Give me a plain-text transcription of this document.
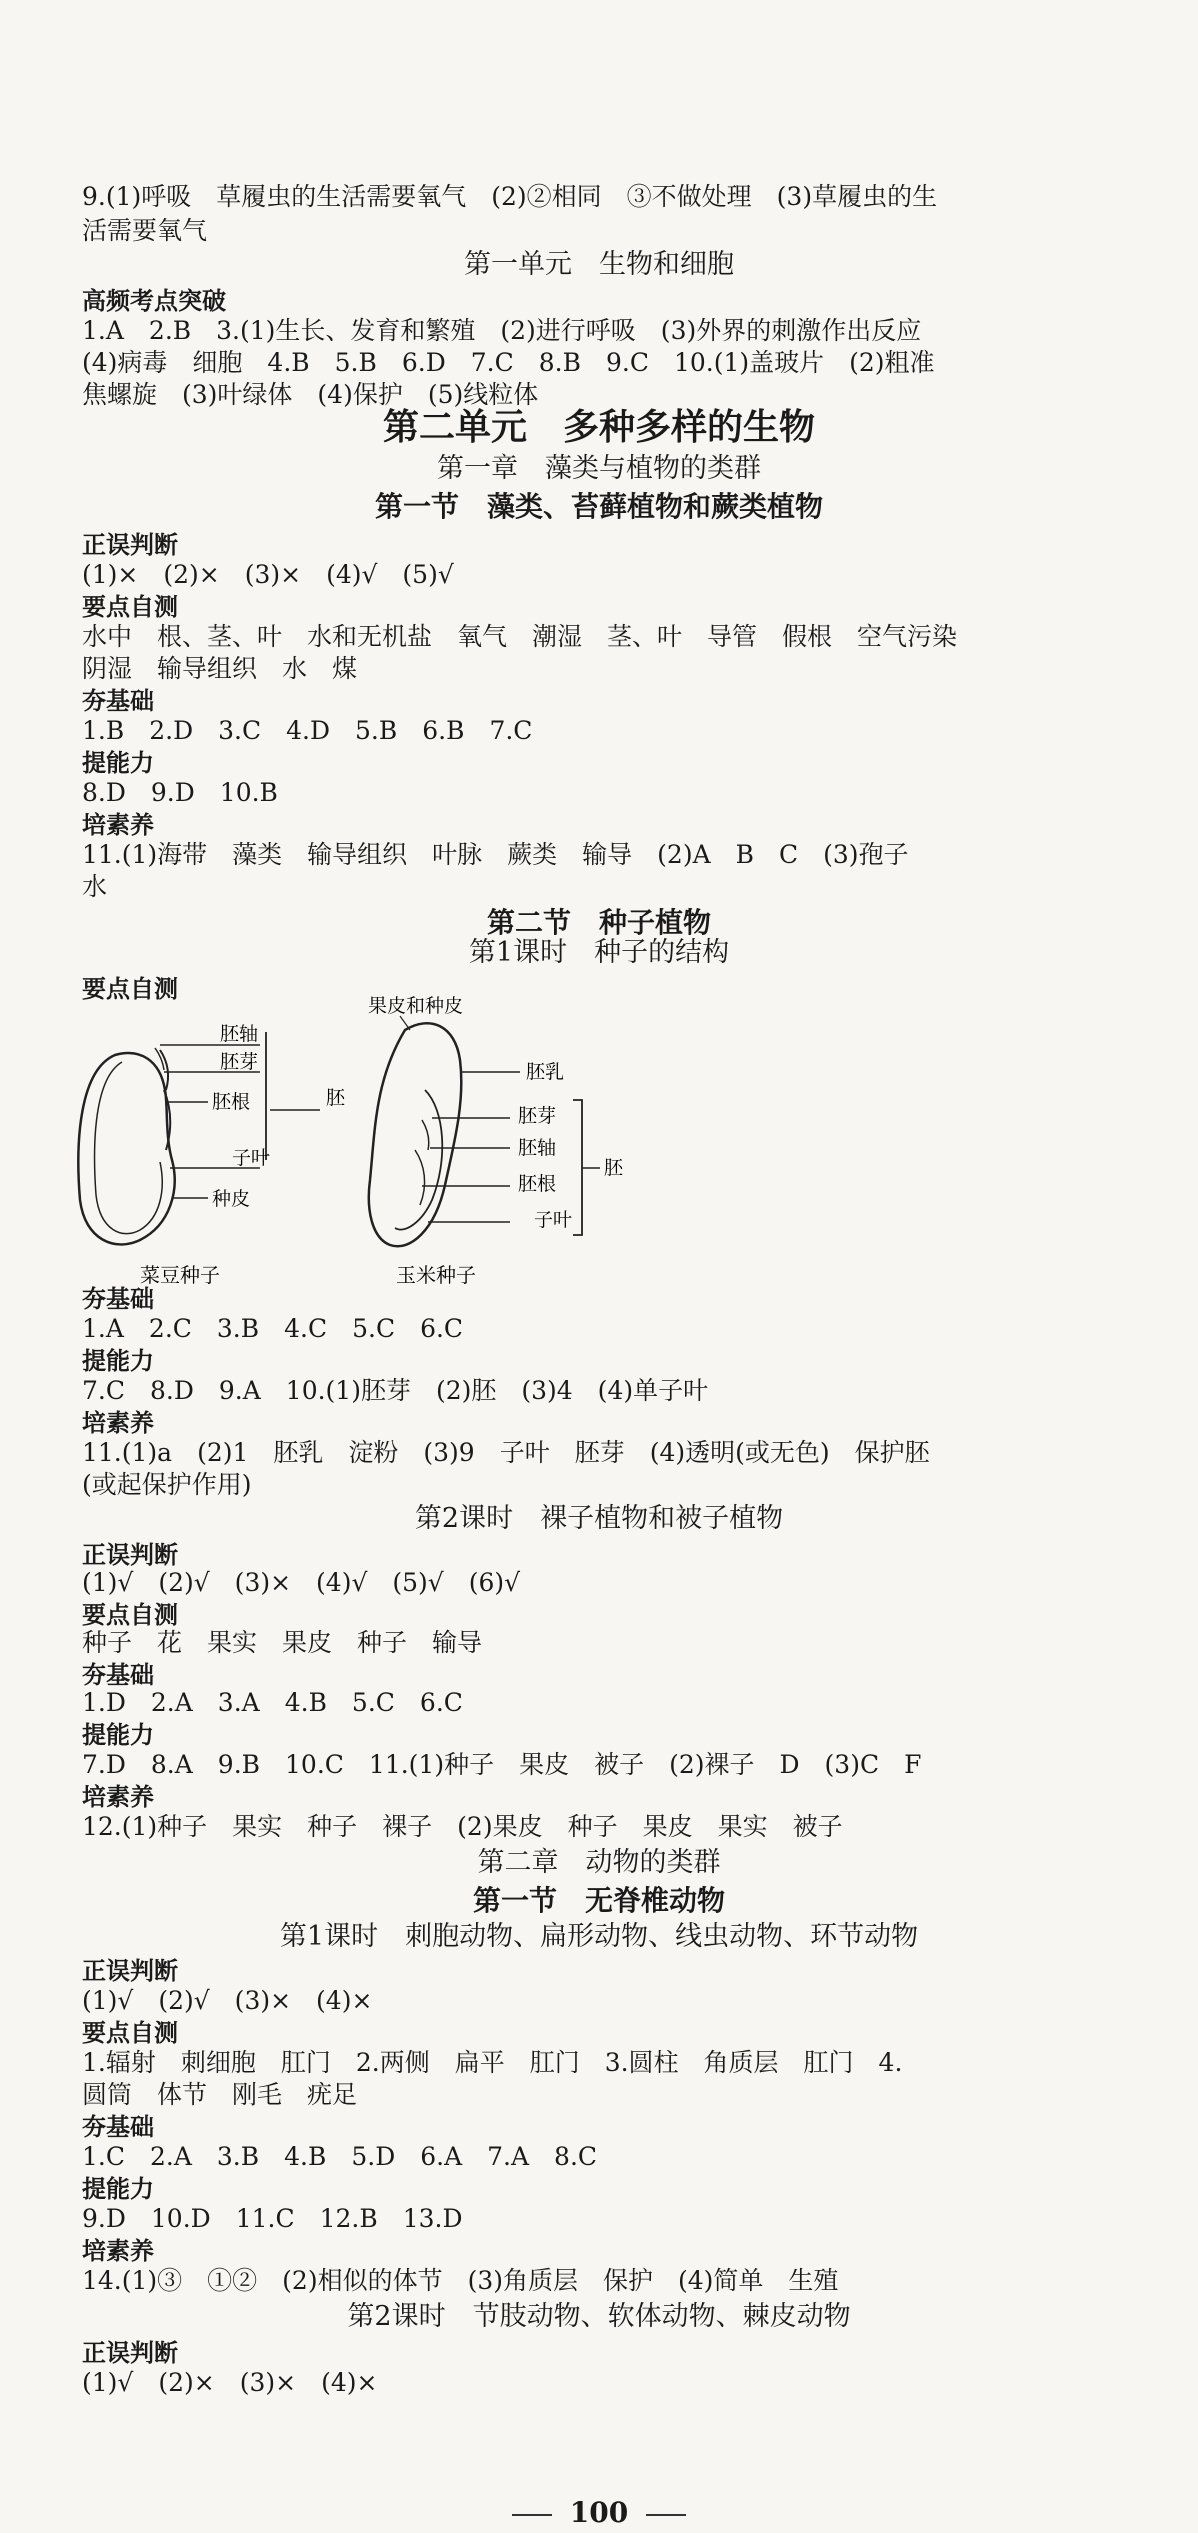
9.(1)呼吸　草履虫的生活需要氧气　(2)②相同　③不做处理　(3)草履虫的生
活需要氧气
第一单元　生物和细胞
高频考点突破
1.A　2.B　3.(1)生长、发育和繁殖　(2)进行呼吸　(3)外界的刺激作出反应
(4)病毒　细胞　4.B　5.B　6.D　7.C　8.B　9.C　10.(1)盖玻片　(2)粗准
焦螺旋　(3)叶绿体　(4)保护　(5)线粒体
第二单元　多种多样的生物
第一章　藻类与植物的类群
第一节　藻类、苔藓植物和蕨类植物
正误判断
(1)×　(2)×　(3)×　(4)√　(5)√
要点自测
水中　根、茎、叶　水和无机盐　氧气　潮湿　茎、叶　导管　假根　空气污染
阴湿　输导组织　水　煤
夯基础
1.B　2.D　3.C　4.D　5.B　6.B　7.C
提能力
8.D　9.D　10.B
培素养
11.(1)海带　藻类　输导组织　叶脉　蕨类　输导　(2)A　B　C　(3)孢子
水
第二节　种子植物
第1课时　种子的结构
要点自测
胚轴
胚芽
胚根
子叶
种皮
胚
菜豆种子
果皮和种皮
胚乳
胚芽
胚轴
胚根
子叶
胚
玉米种子
夯基础
1.A　2.C　3.B　4.C　5.C　6.C
提能力
7.C　8.D　9.A　10.(1)胚芽　(2)胚　(3)4　(4)单子叶
培素养
11.(1)a　(2)1　胚乳　淀粉　(3)9　子叶　胚芽　(4)透明(或无色)　保护胚
(或起保护作用)
第2课时　裸子植物和被子植物
正误判断
(1)√　(2)√　(3)×　(4)√　(5)√　(6)√
要点自测
种子　花　果实　果皮　种子　输导
夯基础
1.D　2.A　3.A　4.B　5.C　6.C
提能力
7.D　8.A　9.B　10.C　11.(1)种子　果皮　被子　(2)裸子　D　(3)C　F
培素养
12.(1)种子　果实　种子　裸子　(2)果皮　种子　果皮　果实　被子
第二章　动物的类群
第一节　无脊椎动物
第1课时　刺胞动物、扁形动物、线虫动物、环节动物
正误判断
(1)√　(2)√　(3)×　(4)×
要点自测
1.辐射　刺细胞　肛门　2.两侧　扁平　肛门　3.圆柱　角质层　肛门　4.
圆筒　体节　刚毛　疣足
夯基础
1.C　2.A　3.B　4.B　5.D　6.A　7.A　8.C
提能力
9.D　10.D　11.C　12.B　13.D
培素养
14.(1)③　①②　(2)相似的体节　(3)角质层　保护　(4)简单　生殖
第2课时　节肢动物、软体动物、棘皮动物
正误判断
(1)√　(2)×　(3)×　(4)×
100
